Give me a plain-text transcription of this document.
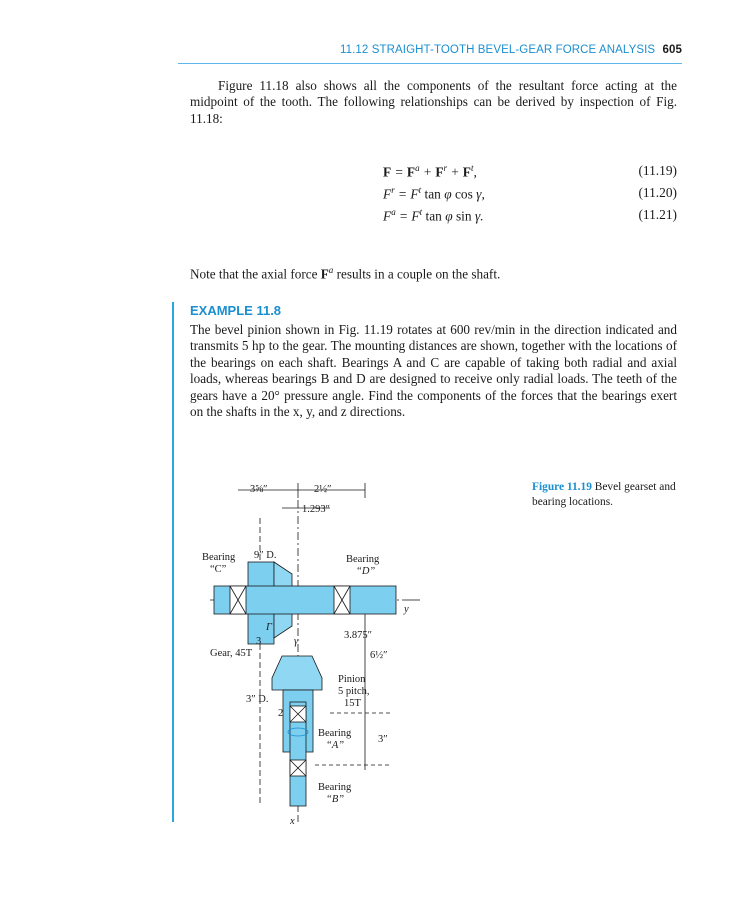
11.12 STRAIGHT-TOOTH BEVEL-GEAR FORCE ANALYSIS 605

Figure 11.18 also shows all the components of the resultant force acting at the midpoint of the tooth. The following relationships can be derived by inspection of Fig. 11.18:

$F = F^a + F^r + F^t$,	(11.19)
$F^r = F^t$ tan φ cos γ,	(11.20)
$F^a = F^t$ tan φ sin γ.	(11.21)

Note that the axial force $F^a$ results in a couple on the shaft.

EXAMPLE 11.8

The bevel pinion shown in Fig. 11.19 rotates at 600 rev/min in the direction indicated and transmits 5 hp to the gear. The mounting distances are shown, together with the locations of the bearings on each shaft. Bearings A and C are capable of taking both radial and axial loads, whereas bearings B and D are designed to receive only radial loads. The teeth of the gears have a 20° pressure angle. Find the components of the forces that the bearings exert on the shafts in the x, y, and z directions.

Figure 11.19 Bevel gearset and bearing locations.
3⅝″	2½″
1.293″
Bearing
“C”
9″ D.	Bearing
“D”
y
Γ
γ
3
3.875″
Gear, 45T	6½″
Pinion
5 pitch,
15T
3″ D.
2
Bearing
“A”
3″
Bearing
“B”
x
